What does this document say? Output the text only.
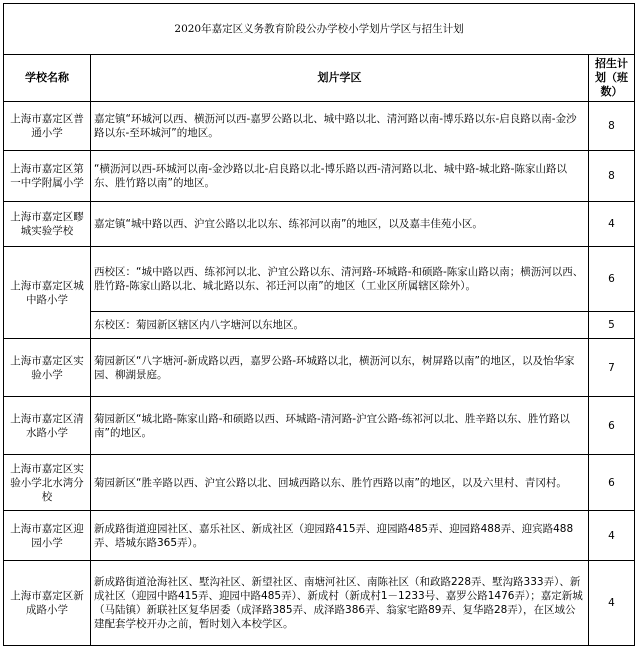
2020年嘉定区义务教育阶段公办学校小学划片学区与招生计划		
学校名称	划片学区	招生计划（班数）
上海市嘉定区普通小学	嘉定镇“环城河以西、横沥河以西-嘉罗公路以北、城中路以北、清河路以南-博乐路以东-启良路以南-金沙路以东-至环城河”的地区。	8
上海市嘉定区第一中学附属小学	“横沥河以西-环城河以南-金沙路以北-启良路以北-博乐路以西-清河路以北、城中路-城北路-陈家山路以东、胜竹路以南”的地区。	8
上海市嘉定区疁城实验学校	嘉定镇“城中路以西、沪宜公路以北以东、练祁河以南”的地区，以及嘉丰佳苑小区。	4
上海市嘉定区城中路小学	西校区：“城中路以西、练祁河以北、沪宜公路以东、清河路-环城路-和硕路-陈家山路以南；横沥河以西、胜竹路-陈家山路以北、城北路以东、祁迁河以南”的地区（工业区所属辖区除外）。	6
	东校区：菊园新区辖区内八字塘河以东地区。	5
上海市嘉定区实验小学	菊园新区“八字塘河-新成路以西，嘉罗公路-环城路以北，横沥河以东，树屏路以南”的地区，以及怡华家园、柳湖景庭。	7
上海市嘉定区清水路小学	菊园新区“城北路-陈家山路-和硕路以西、环城路-清河路-沪宜公路-练祁河以北、胜辛路以东、胜竹路以南”的地区。	6
上海市嘉定区实验小学北水湾分校	菊园新区“胜辛路以西、沪宜公路以北、回城西路以东、胜竹西路以南”的地区，以及六里村、青冈村。	6
上海市嘉定区迎园小学	新成路街道迎园社区、嘉乐社区、新成社区（迎园路415弄、迎园路485弄、迎园路488弄、迎宾路488弄、塔城东路365弄）。	4
上海市嘉定区新成路小学	新成路街道沧海社区、墅沟社区、新望社区、南塘河社区、南陈社区（和政路228弄、墅沟路333弄）、新成社区（迎园中路415弄、迎园中路485弄）、新成村（新成村1－1233号、嘉罗公路1476弄）；嘉定新城（马陆镇）新联社区复华居委（成泽路385弄、成泽路386弄、翁家宅路89弄、复华路28弄），在区域公建配套学校开办之前，暂时划入本校学区。	4
